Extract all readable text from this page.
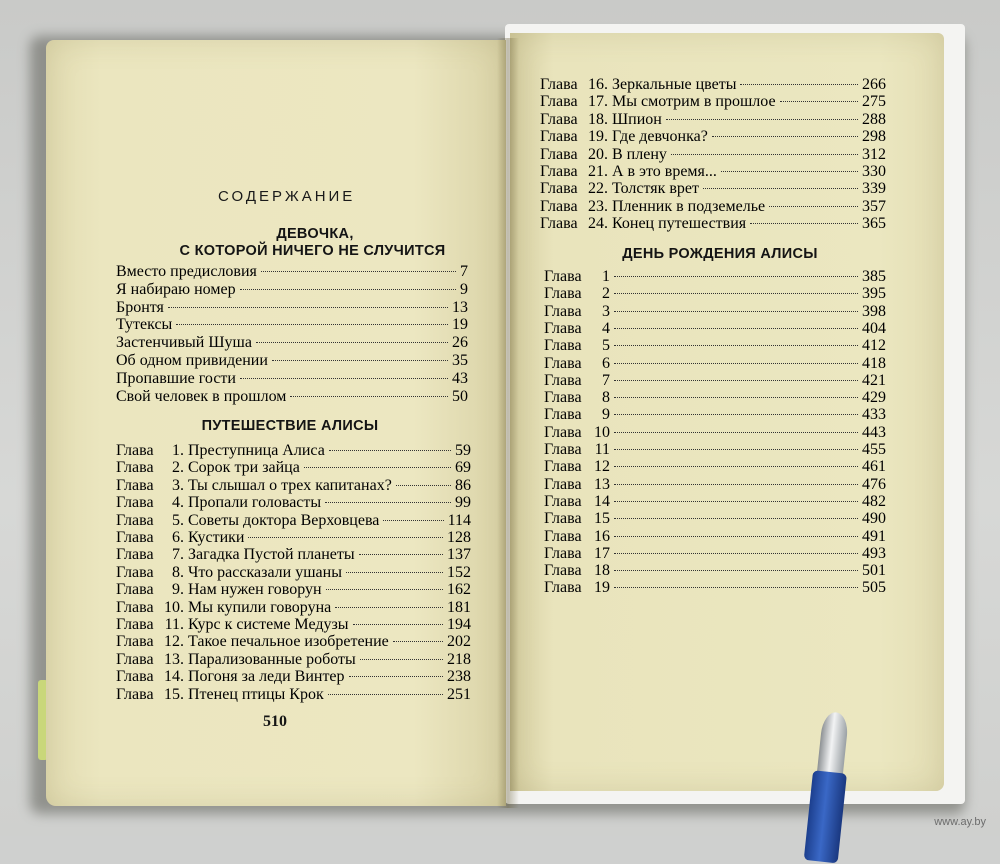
СОДЕРЖАНИЕ
ДЕВОЧКА,
С КОТОРОЙ НИЧЕГО НЕ СЛУЧИТСЯ
Вместо предисловия	7
Я набираю номер	9
Бронтя	13
Тутексы	19
Застенчивый Шуша	26
Об одном привидении	35
Пропавшие гости	43
Свой человек в прошлом	50
ПУТЕШЕСТВИЕ АЛИСЫ
Глава	1. Преступница Алиса	59
Глава	2. Сорок три зайца	69
Глава	3. Ты слышал о трех капитанах?	86
Глава	4. Пропали головасты	99
Глава	5. Советы доктора Верховцева	114
Глава	6. Кустики	128
Глава	7. Загадка Пустой планеты	137
Глава	8. Что рассказали ушаны	152
Глава	9. Нам нужен говорун	162
Глава 10. Мы купили говоруна	181
Глава 11. Курс к системе Медузы	194
Глава 12. Такое печальное изобретение	202
Глава 13. Парализованные роботы	218
Глава 14. Погоня за леди Винтер	238
Глава 15. Птенец птицы Крок	251
510
Глава 16. Зеркальные цветы	266
Глава 17. Мы смотрим в прошлое	275
Глава 18. Шпион	288
Глава 19. Где девчонка?	298
Глава 20. В плену	312
Глава 21. А в это время...	330
Глава 22. Толстяк врет	339
Глава 23. Пленник в подземелье	357
Глава 24. Конец путешествия	365
ДЕНЬ РОЖДЕНИЯ АЛИСЫ
Глава	1	385
Глава	2	395
Глава	3	398
Глава	4	404
Глава	5	412
Глава	6	418
Глава	7	421
Глава	8	429
Глава	9	433
Глава 10	443
Глава 11	455
Глава 12	461
Глава 13	476
Глава 14	482
Глава 15	490
Глава 16	491
Глава 17	493
Глава 18	501
Глава 19	505
www.ay.by
